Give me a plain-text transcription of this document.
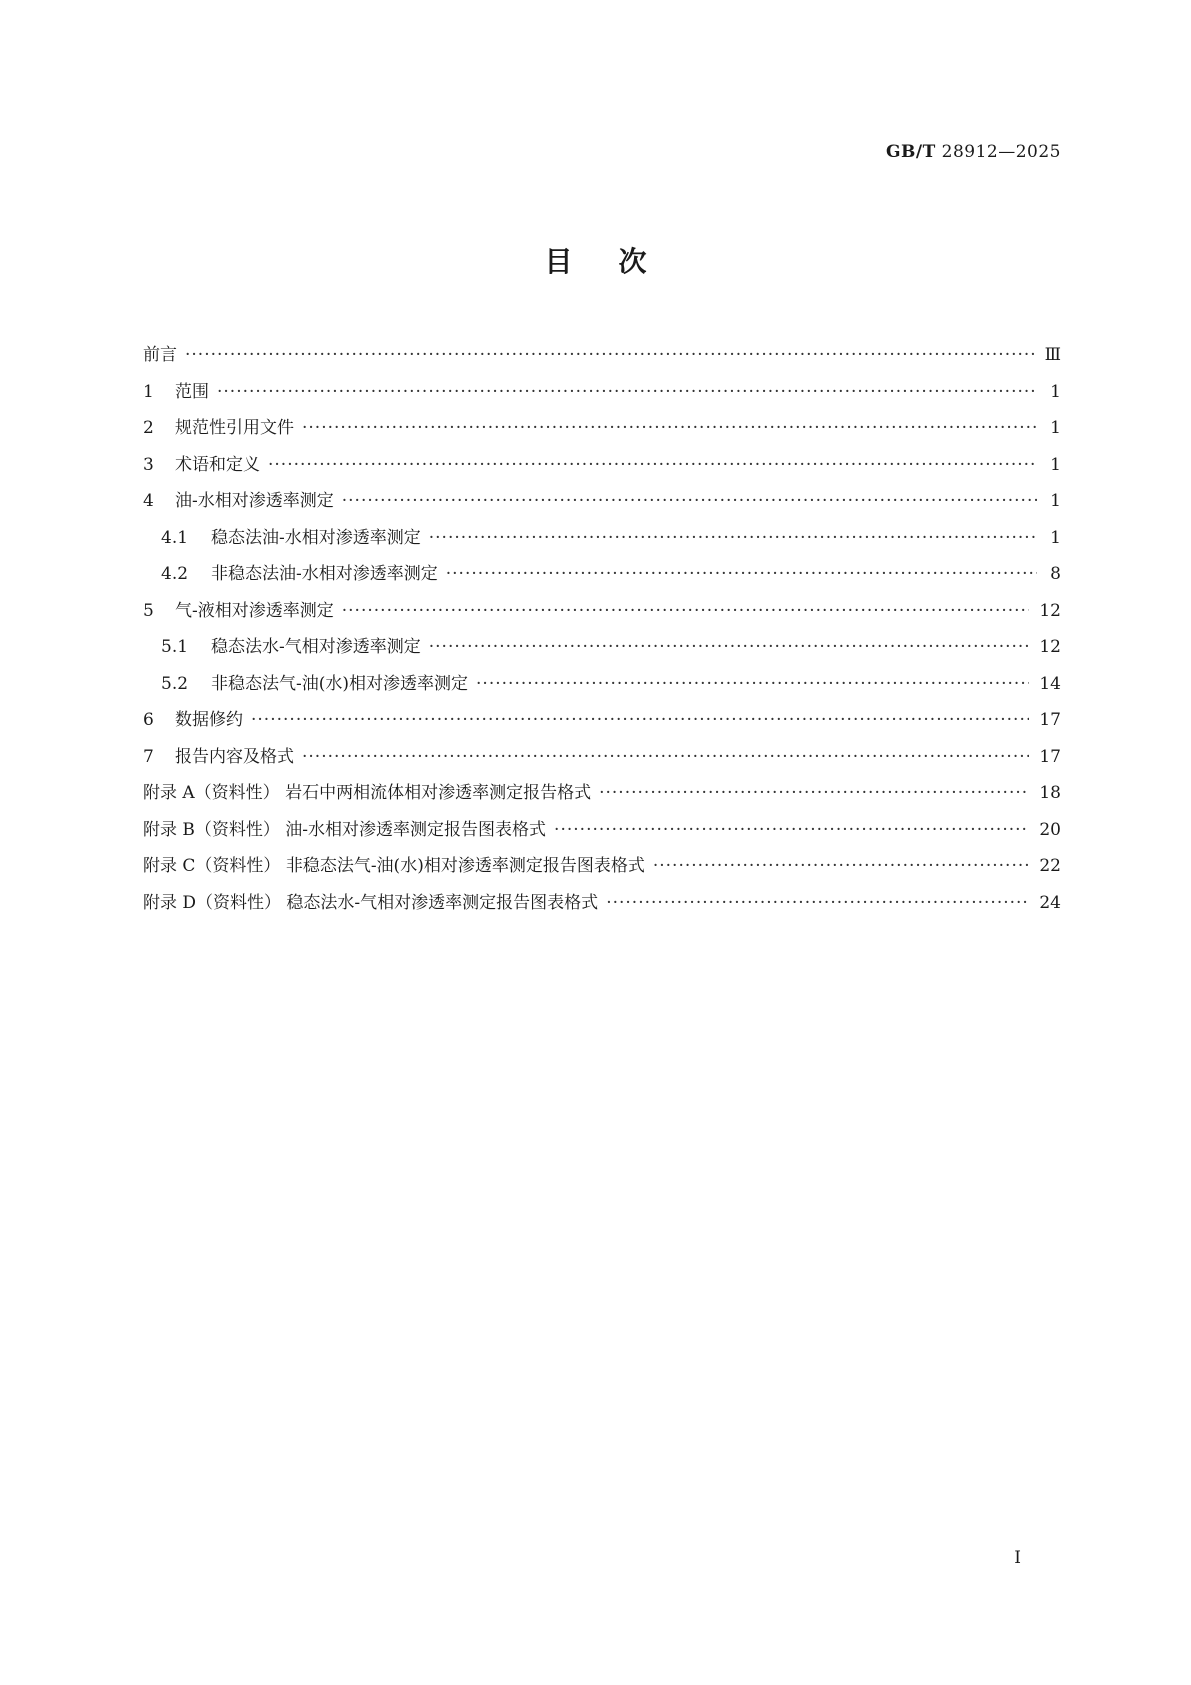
GB/T 28912—2025
目次
前言 ·····	Ⅲ
1	范围 ·····	1
2	规范性引用文件 ·····	1
3	术语和定义 ·····	1
4	油-水相对渗透率测定 ·····	1
4.1	稳态法油-水相对渗透率测定 ·····	1
4.2	非稳态法油-水相对渗透率测定 ·····	8
5	气-液相对渗透率测定 ·····	12
5.1	稳态法水-气相对渗透率测定 ·····	12
5.2	非稳态法气-油(水)相对渗透率测定 ·····	14
6	数据修约 ·····	17
7	报告内容及格式 ·····	17
附录 A（资料性） 岩石中两相流体相对渗透率测定报告格式 ·····	18
附录 B（资料性） 油-水相对渗透率测定报告图表格式 ·····	20
附录 C（资料性） 非稳态法气-油(水)相对渗透率测定报告图表格式 ·····	22
附录 D（资料性） 稳态法水-气相对渗透率测定报告图表格式 ·····	24
Ⅰ
